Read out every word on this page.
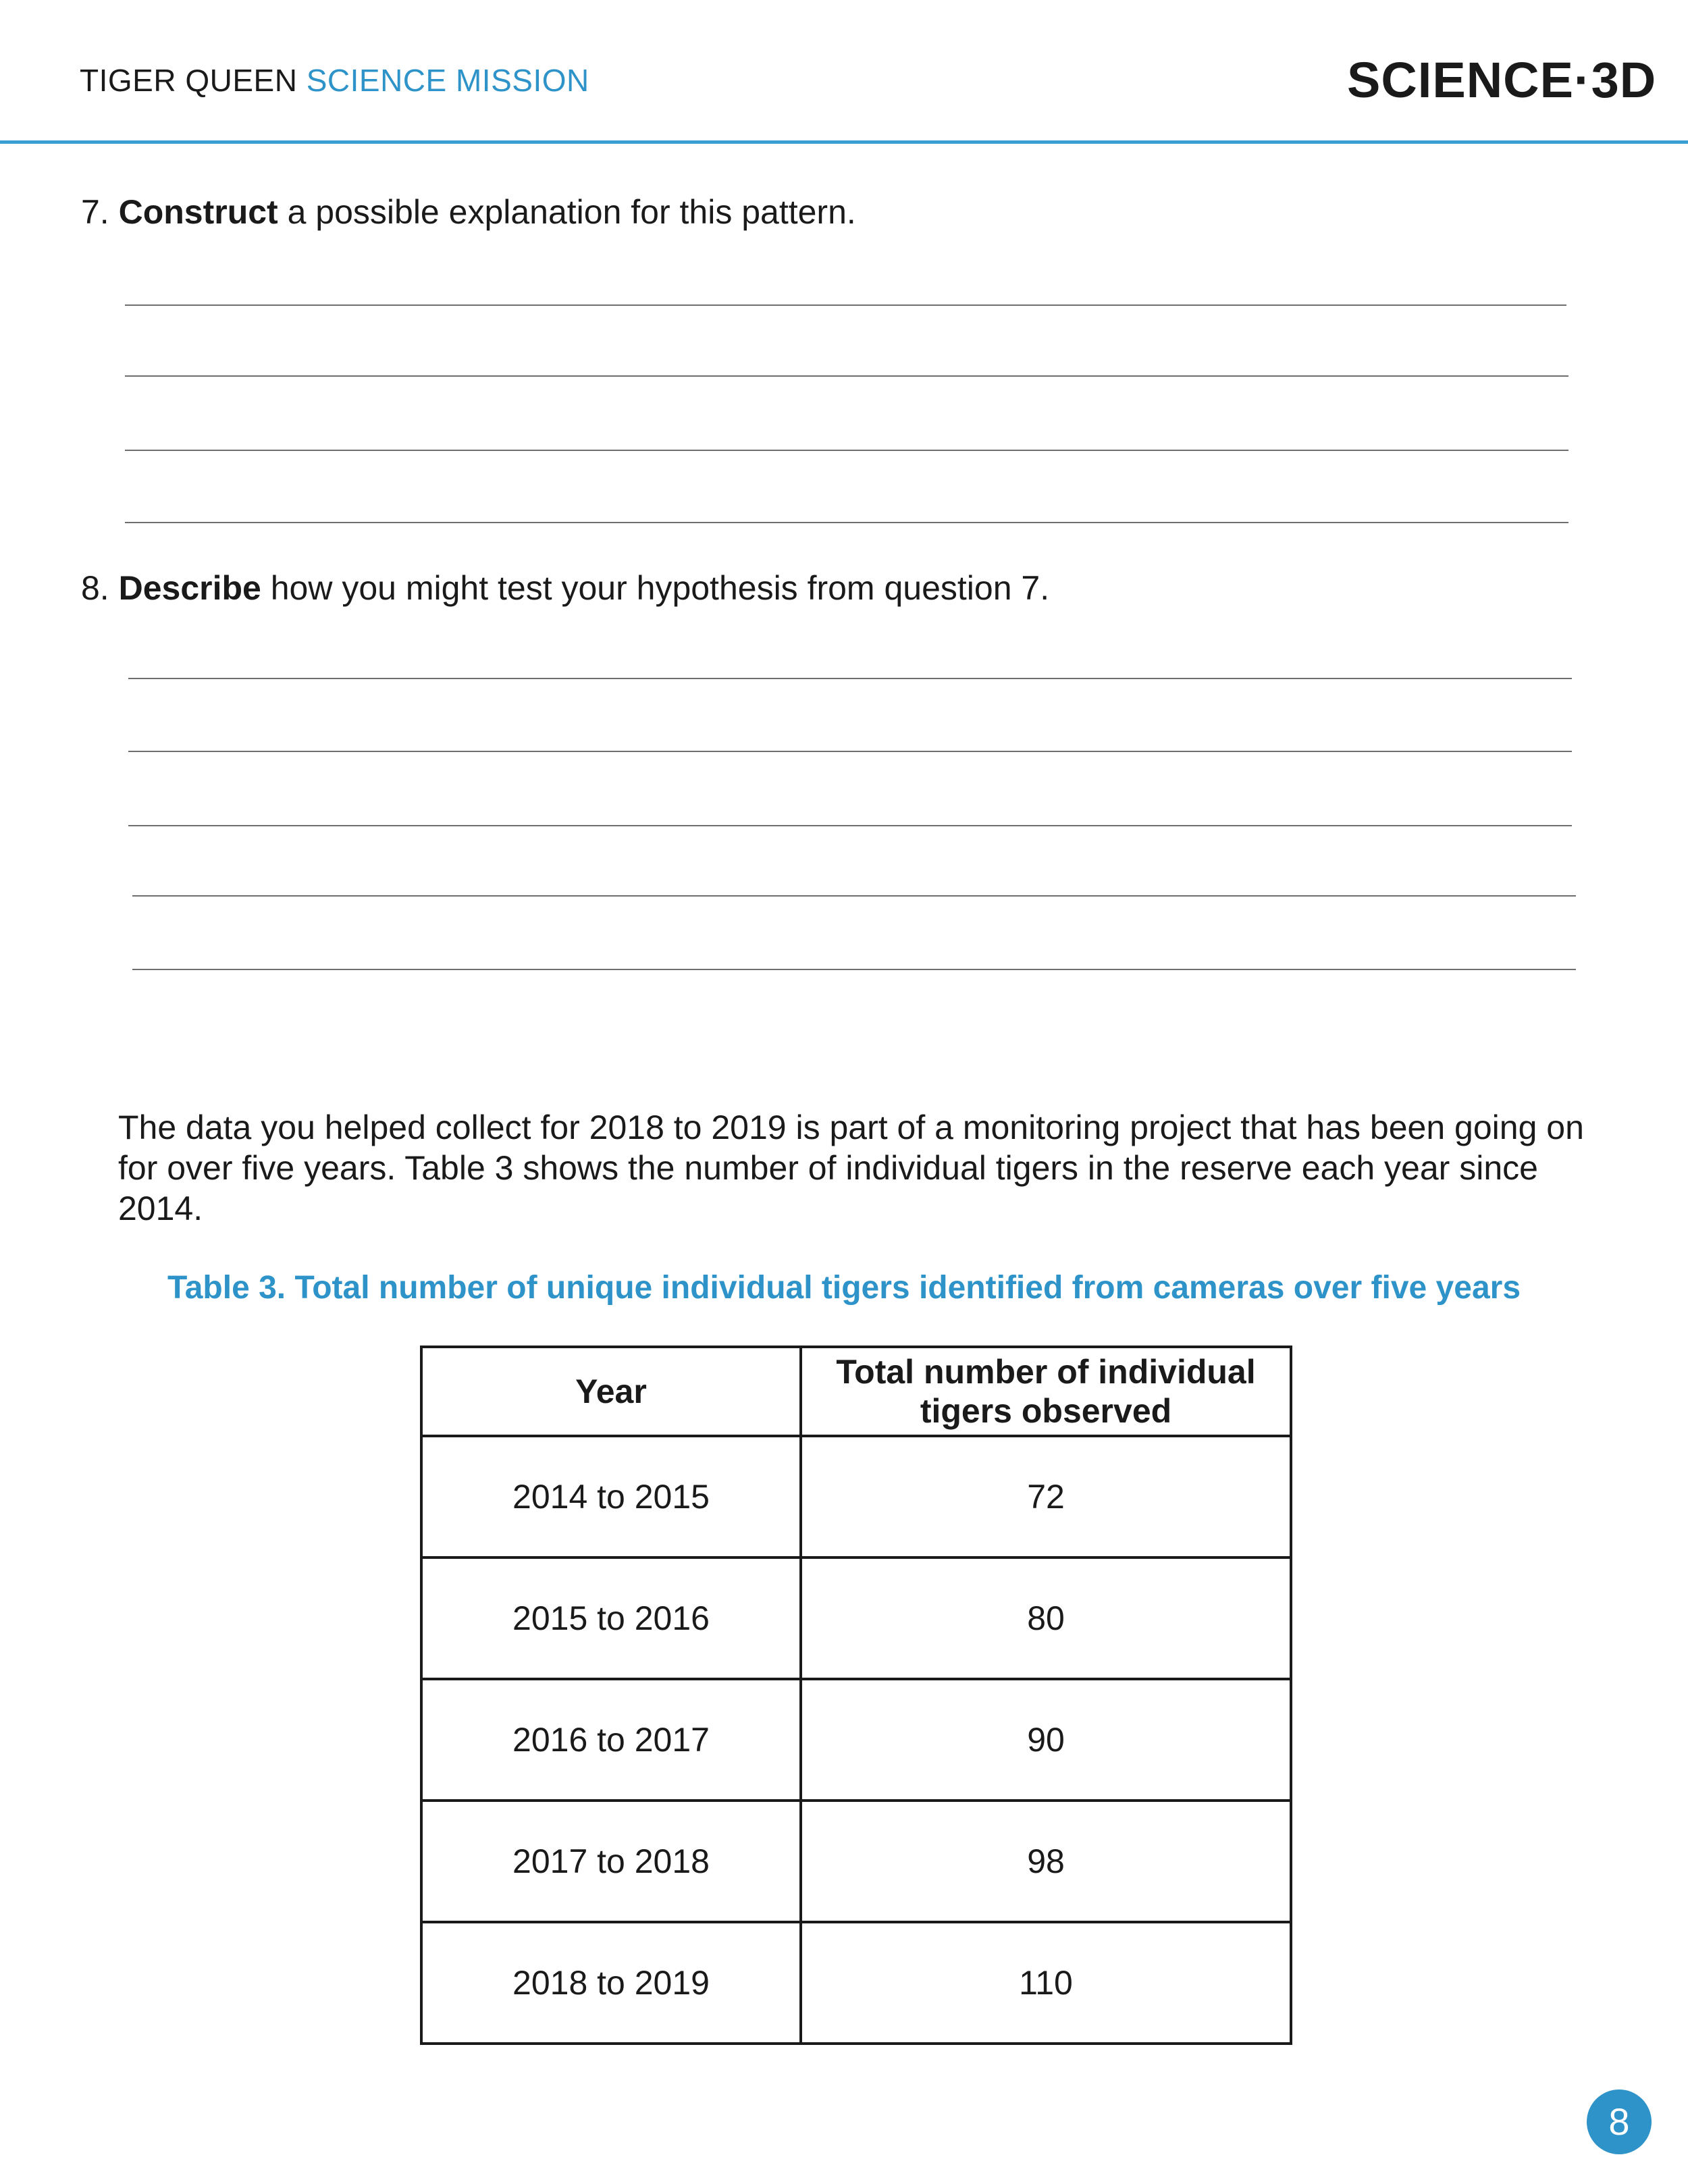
TIGER QUEEN SCIENCE MISSION	SCIENCE·3D
7. Construct a possible explanation for this pattern.
8. Describe how you might test your hypothesis from question 7.
The data you helped collect for 2018 to 2019 is part of a monitoring project that has been going on for over five years. Table 3 shows the number of individual tigers in the reserve each year since 2014.
Table 3. Total number of unique individual tigers identified from cameras over five years
Year	Total number of individual tigers observed
2014 to 2015	72
2015 to 2016	80
2016 to 2017	90
2017 to 2018	98
2018 to 2019	110
8
